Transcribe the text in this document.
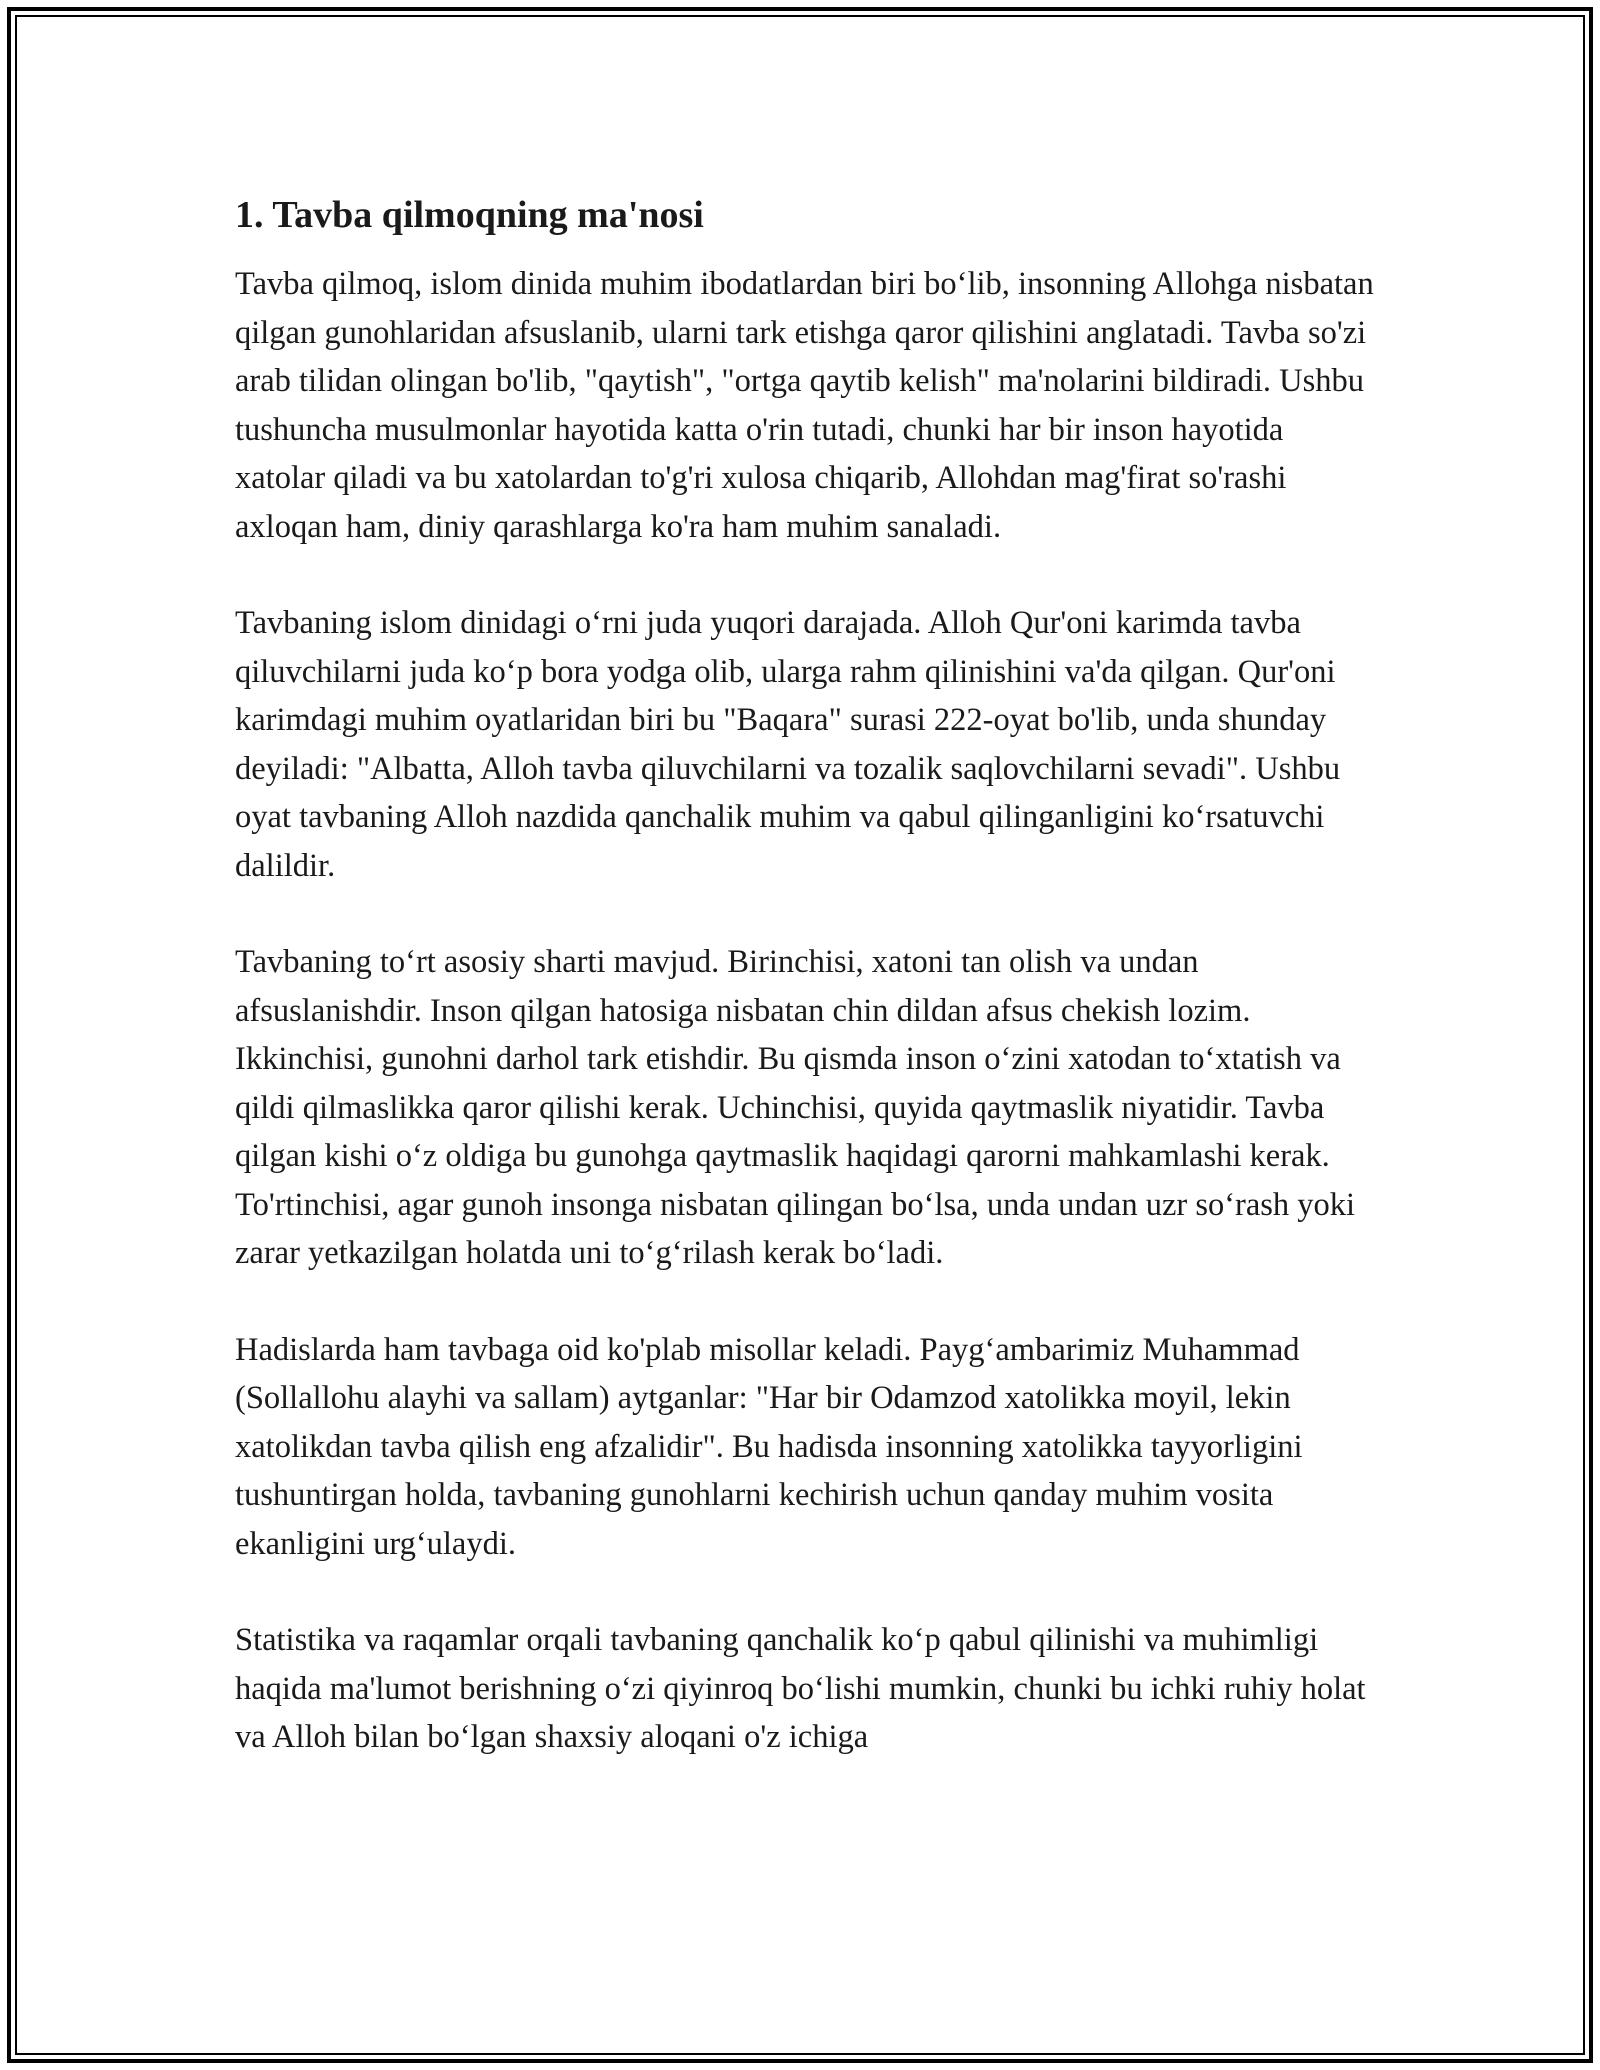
1. Tavba qilmoqning ma'nosi

Tavba qilmoq, islom dinida muhim ibodatlardan biri bo‘lib, insonning Allohga nisbatan qilgan gunohlaridan afsuslanib, ularni tark etishga qaror qilishini anglatadi. Tavba so'zi arab tilidan olingan bo'lib, "qaytish", "ortga qaytib kelish" ma'nolarini bildiradi. Ushbu tushuncha musulmonlar hayotida katta o'rin tutadi, chunki har bir inson hayotida xatolar qiladi va bu xatolardan to'g'ri xulosa chiqarib, Allohdan mag'firat so'rashi axloqan ham, diniy qarashlarga ko'ra ham muhim sanaladi.

Tavbaning islom dinidagi o‘rni juda yuqori darajada. Alloh Qur'oni karimda tavba qiluvchilarni juda ko‘p bora yodga olib, ularga rahm qilinishini va'da qilgan. Qur'oni karimdagi muhim oyatlaridan biri bu "Baqara" surasi 222-oyat bo'lib, unda shunday deyiladi: "Albatta, Alloh tavba qiluvchilarni va tozalik saqlovchilarni sevadi". Ushbu oyat tavbaning Alloh nazdida qanchalik muhim va qabul qilinganligini ko‘rsatuvchi dalildir.

Tavbaning to‘rt asosiy sharti mavjud. Birinchisi, xatoni tan olish va undan afsuslanishdir. Inson qilgan hatosiga nisbatan chin dildan afsus chekish lozim. Ikkinchisi, gunohni darhol tark etishdir. Bu qismda inson o‘zini xatodan to‘xtatish va qildi qilmaslikka qaror qilishi kerak. Uchinchisi, quyida qaytmaslik niyatidir. Tavba qilgan kishi o‘z oldiga bu gunohga qaytmaslik haqidagi qarorni mahkamlashi kerak. To'rtinchisi, agar gunoh insonga nisbatan qilingan bo‘lsa, unda undan uzr so‘rash yoki zarar yetkazilgan holatda uni to‘g‘rilash kerak bo‘ladi.

Hadislarda ham tavbaga oid ko'plab misollar keladi. Payg‘ambarimiz Muhammad (Sollallohu alayhi va sallam) aytganlar: "Har bir Odamzod xatolikka moyil, lekin xatolikdan tavba qilish eng afzalidir". Bu hadisda insonning xatolikka tayyorligini tushuntirgan holda, tavbaning gunohlarni kechirish uchun qanday muhim vosita ekanligini urg‘ulaydi.

Statistika va raqamlar orqali tavbaning qanchalik ko‘p qabul qilinishi va muhimligi haqida ma'lumot berishning o‘zi qiyinroq bo‘lishi mumkin, chunki bu ichki ruhiy holat va Alloh bilan bo‘lgan shaxsiy aloqani o'z ichiga
